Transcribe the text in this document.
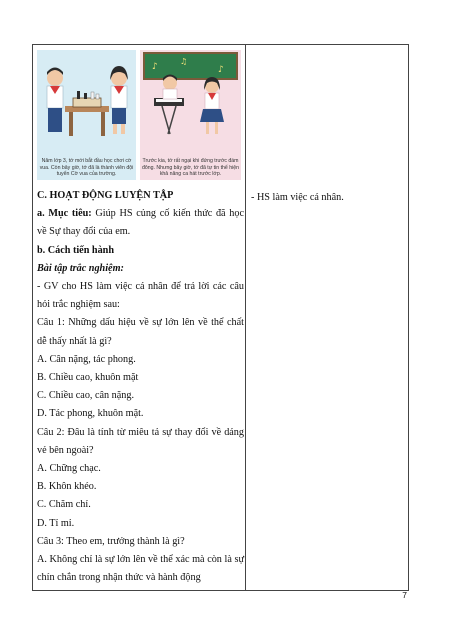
Năm lớp 3, tớ mới bắt đầu học chơi cờ vua. Còn bây giờ, tớ đã là thành viên đội tuyển Cờ vua của trường.
♪
♫
♪
Trước kia, tớ rất ngại khi đứng trước đám đông. Nhưng bây giờ, tớ đã tự tin thể hiện khả năng ca hát trước lớp.

C. HOẠT ĐỘNG LUYỆN TẬP

a. Mục tiêu: Giúp HS củng cố kiến thức đã học về Sự thay đổi của em.

b. Cách tiến hành

Bài tập trắc nghiệm:

- GV cho HS làm việc cá nhân để trả lời các câu hỏi trắc nghiệm sau:

Câu 1: Những dấu hiệu về sự lớn lên về thể chất dễ thấy nhất là gì?

A. Cân nặng, tác phong.

B. Chiều cao, khuôn mặt

C. Chiều cao, cân nặng.

D. Tác phong, khuôn mặt.

Câu 2: Đâu là tính từ miêu tả sự thay đổi về dáng vẻ bên ngoài?

A. Chững chạc.

B. Khôn khéo.

C. Chăm chỉ.

D. Tỉ mỉ.

Câu 3: Theo em, trưởng thành là gì?

A. Không chỉ là sự lớn lên về thể xác mà còn là sự chín chắn trong nhận thức và hành động

- HS làm việc cá nhân.
7
